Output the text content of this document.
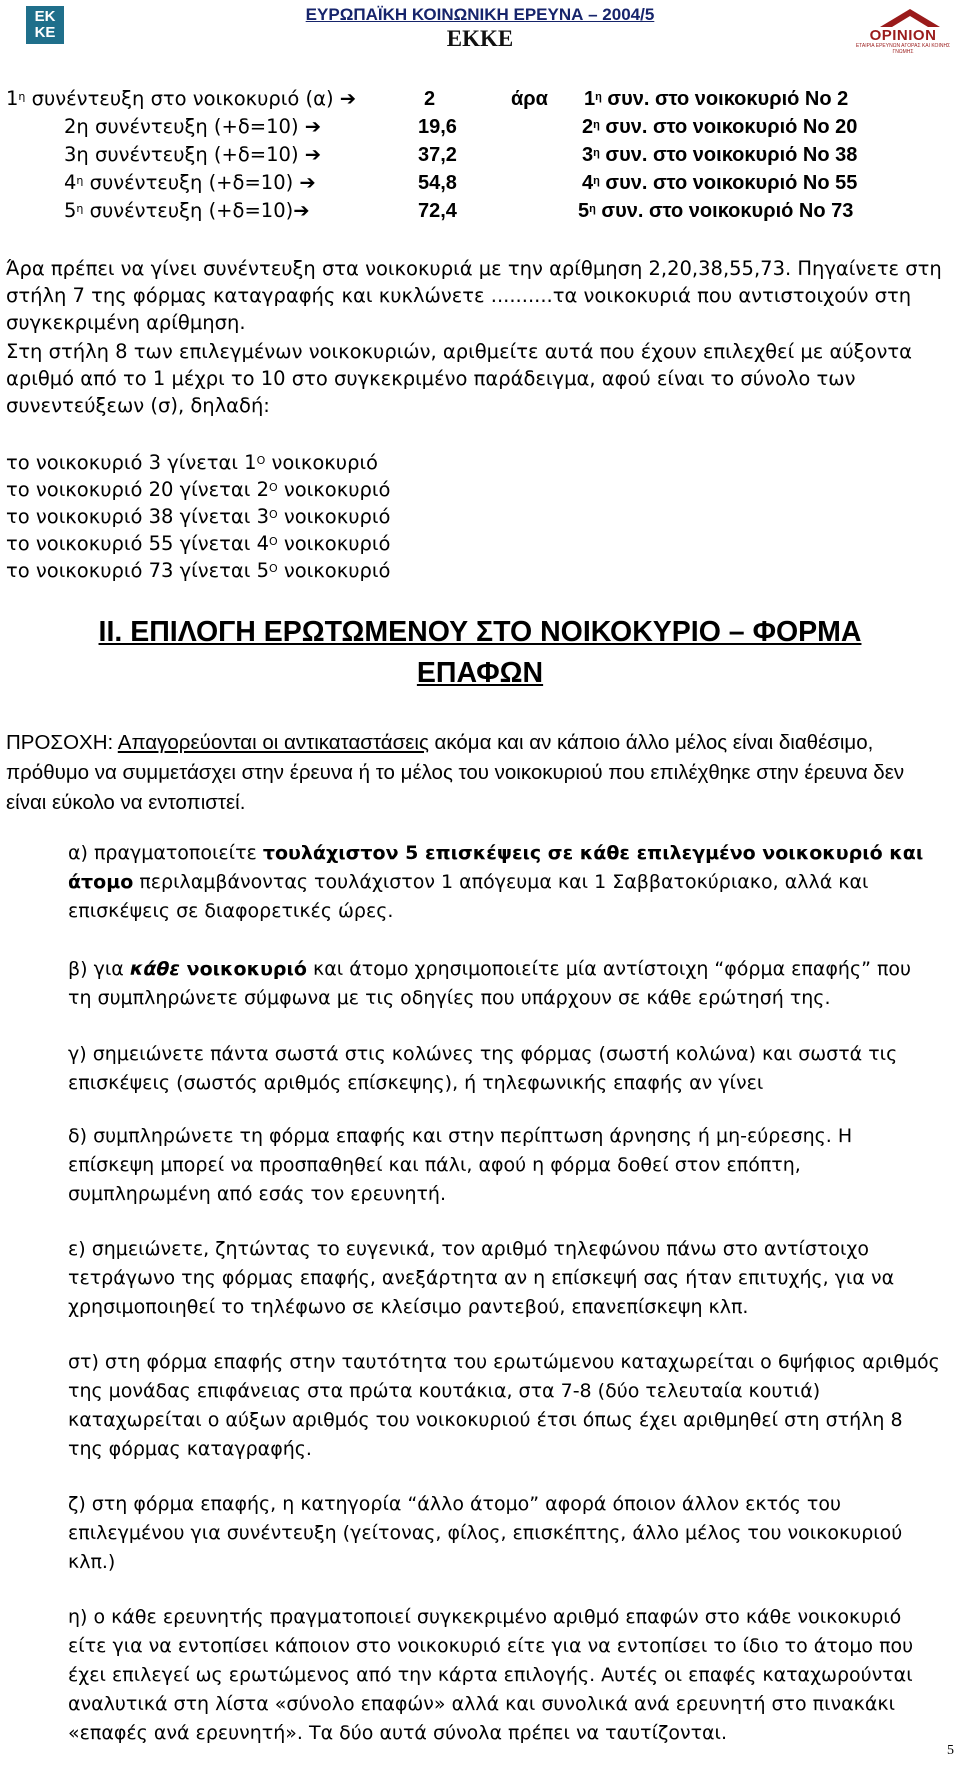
ΕΚ
ΚΕ
ΕΥΡΩΠΑΪΚΗ ΚΟΙΝΩΝΙΚΗ ΕΡΕΥΝΑ – 2004/5
ΕΚΚΕ	OPINION
ΕΤΑΙΡΙΑ ΕΡΕΥΝΩΝ ΑΓΟΡΑΣ ΚΑΙ ΚΟΙΝΗΣ ΓΝΩΜΗΣ
$1^\eta$ συνέντευξη στο νοικοκυριό (α) ➔	2	άρα $1^\eta$ συν. στο νοικοκυριό Νο 2
2η συνέντευξη (+δ=10) ➔	19,6	$2^\eta$ συν. στο νοικοκυριό Νο 20
3η συνέντευξη (+δ=10) ➔	37,2	$3^\eta$ συν. στο νοικοκυριό Νο 38
$4^\eta$ συνέντευξη (+δ=10) ➔	54,8	$4^\eta$ συν. στο νοικοκυριό Νο 55
$5^\eta$ συνέντευξη (+δ=10)➔	72,4	$5^\eta$ συν. στο νοικοκυριό Νο 73
Άρα πρέπει να γίνει συνέντευξη στα νοικοκυριά με την αρίθμηση 2,20,38,55,73. Πηγαίνετε στη στήλη 7 της φόρμας καταγραφής και κυκλώνετε ..........τα νοικοκυριά που αντιστοιχούν στη συγκεκριμένη αρίθμηση.
Στη στήλη 8 των επιλεγμένων νοικοκυριών, αριθμείτε αυτά που έχουν επιλεχθεί με αύξοντα αριθμό από το 1 μέχρι το 10 στο συγκεκριμένο παράδειγμα, αφού είναι το σύνολο των συνεντεύξεων (σ), δηλαδή:
το νοικοκυριό 3 γίνεται $1^O$ νοικοκυριό
το νοικοκυριό 20 γίνεται $2^O$ νοικοκυριό
το νοικοκυριό 38 γίνεται $3^O$ νοικοκυριό
το νοικοκυριό 55 γίνεται $4^O$ νοικοκυριό
το νοικοκυριό 73 γίνεται $5^O$ νοικοκυριό
ΙΙ. ΕΠΙΛΟΓΗ ΕΡΩΤΩΜΕΝΟΥ ΣΤΟ ΝΟΙΚΟΚΥΡΙΟ – ΦΟΡΜΑ
ΕΠΑΦΩΝ
ΠΡΟΣΟΧΗ: Απαγορεύονται οι αντικαταστάσεις ακόμα και αν κάποιο άλλο μέλος είναι διαθέσιμο, πρόθυμο να συμμετάσχει στην έρευνα ή το μέλος του νοικοκυριού που επιλέχθηκε στην έρευνα δεν είναι εύκολο να εντοπιστεί.
α) πραγματοποιείτε τουλάχιστον 5 επισκέψεις σε κάθε επιλεγμένο νοικοκυριό και άτομο περιλαμβάνοντας τουλάχιστον 1 απόγευμα και 1 Σαββατοκύριακο, αλλά και επισκέψεις σε διαφορετικές ώρες.
β) για κάθε νοικοκυριό και άτομο χρησιμοποιείτε μία αντίστοιχη “φόρμα επαφής” που τη συμπληρώνετε σύμφωνα με τις οδηγίες που υπάρχουν σε κάθε ερώτησή της.
γ) σημειώνετε πάντα σωστά στις κολώνες της φόρμας (σωστή κολώνα) και σωστά τις επισκέψεις (σωστός αριθμός επίσκεψης), ή τηλεφωνικής επαφής αν γίνει
δ) συμπληρώνετε τη φόρμα επαφής και στην περίπτωση άρνησης ή μη-εύρεσης. Η επίσκεψη μπορεί να προσπαθηθεί και πάλι, αφού η φόρμα δοθεί στον επόπτη, συμπληρωμένη από εσάς τον ερευνητή.
ε) σημειώνετε, ζητώντας το ευγενικά, τον αριθμό τηλεφώνου πάνω στο αντίστοιχο τετράγωνο της φόρμας επαφής, ανεξάρτητα αν η επίσκεψή σας ήταν επιτυχής, για να χρησιμοποιηθεί το τηλέφωνο σε κλείσιμο ραντεβού, επανεπίσκεψη κλπ.
στ) στη φόρμα επαφής στην ταυτότητα του ερωτώμενου καταχωρείται ο 6ψήφιος αριθμός της μονάδας επιφάνειας στα πρώτα κουτάκια, στα 7-8 (δύο τελευταία κουτιά) καταχωρείται ο αύξων αριθμός του νοικοκυριού έτσι όπως έχει αριθμηθεί στη στήλη 8 της φόρμας καταγραφής.
ζ) στη φόρμα επαφής, η κατηγορία “άλλο άτομο” αφορά όποιον άλλον εκτός του επιλεγμένου για συνέντευξη (γείτονας, φίλος, επισκέπτης, άλλο μέλος του νοικοκυριού κλπ.)
η) ο κάθε ερευνητής πραγματοποιεί συγκεκριμένο αριθμό επαφών στο κάθε νοικοκυριό είτε για να εντοπίσει κάποιον στο νοικοκυριό είτε για να εντοπίσει το ίδιο το άτομο που έχει επιλεγεί ως ερωτώμενος από την κάρτα επιλογής. Αυτές οι επαφές καταχωρούνται αναλυτικά στη λίστα «σύνολο επαφών» αλλά και συνολικά ανά ερευνητή στο πινακάκι «επαφές ανά ερευνητή». Τα δύο αυτά σύνολα πρέπει να ταυτίζονται.
5
